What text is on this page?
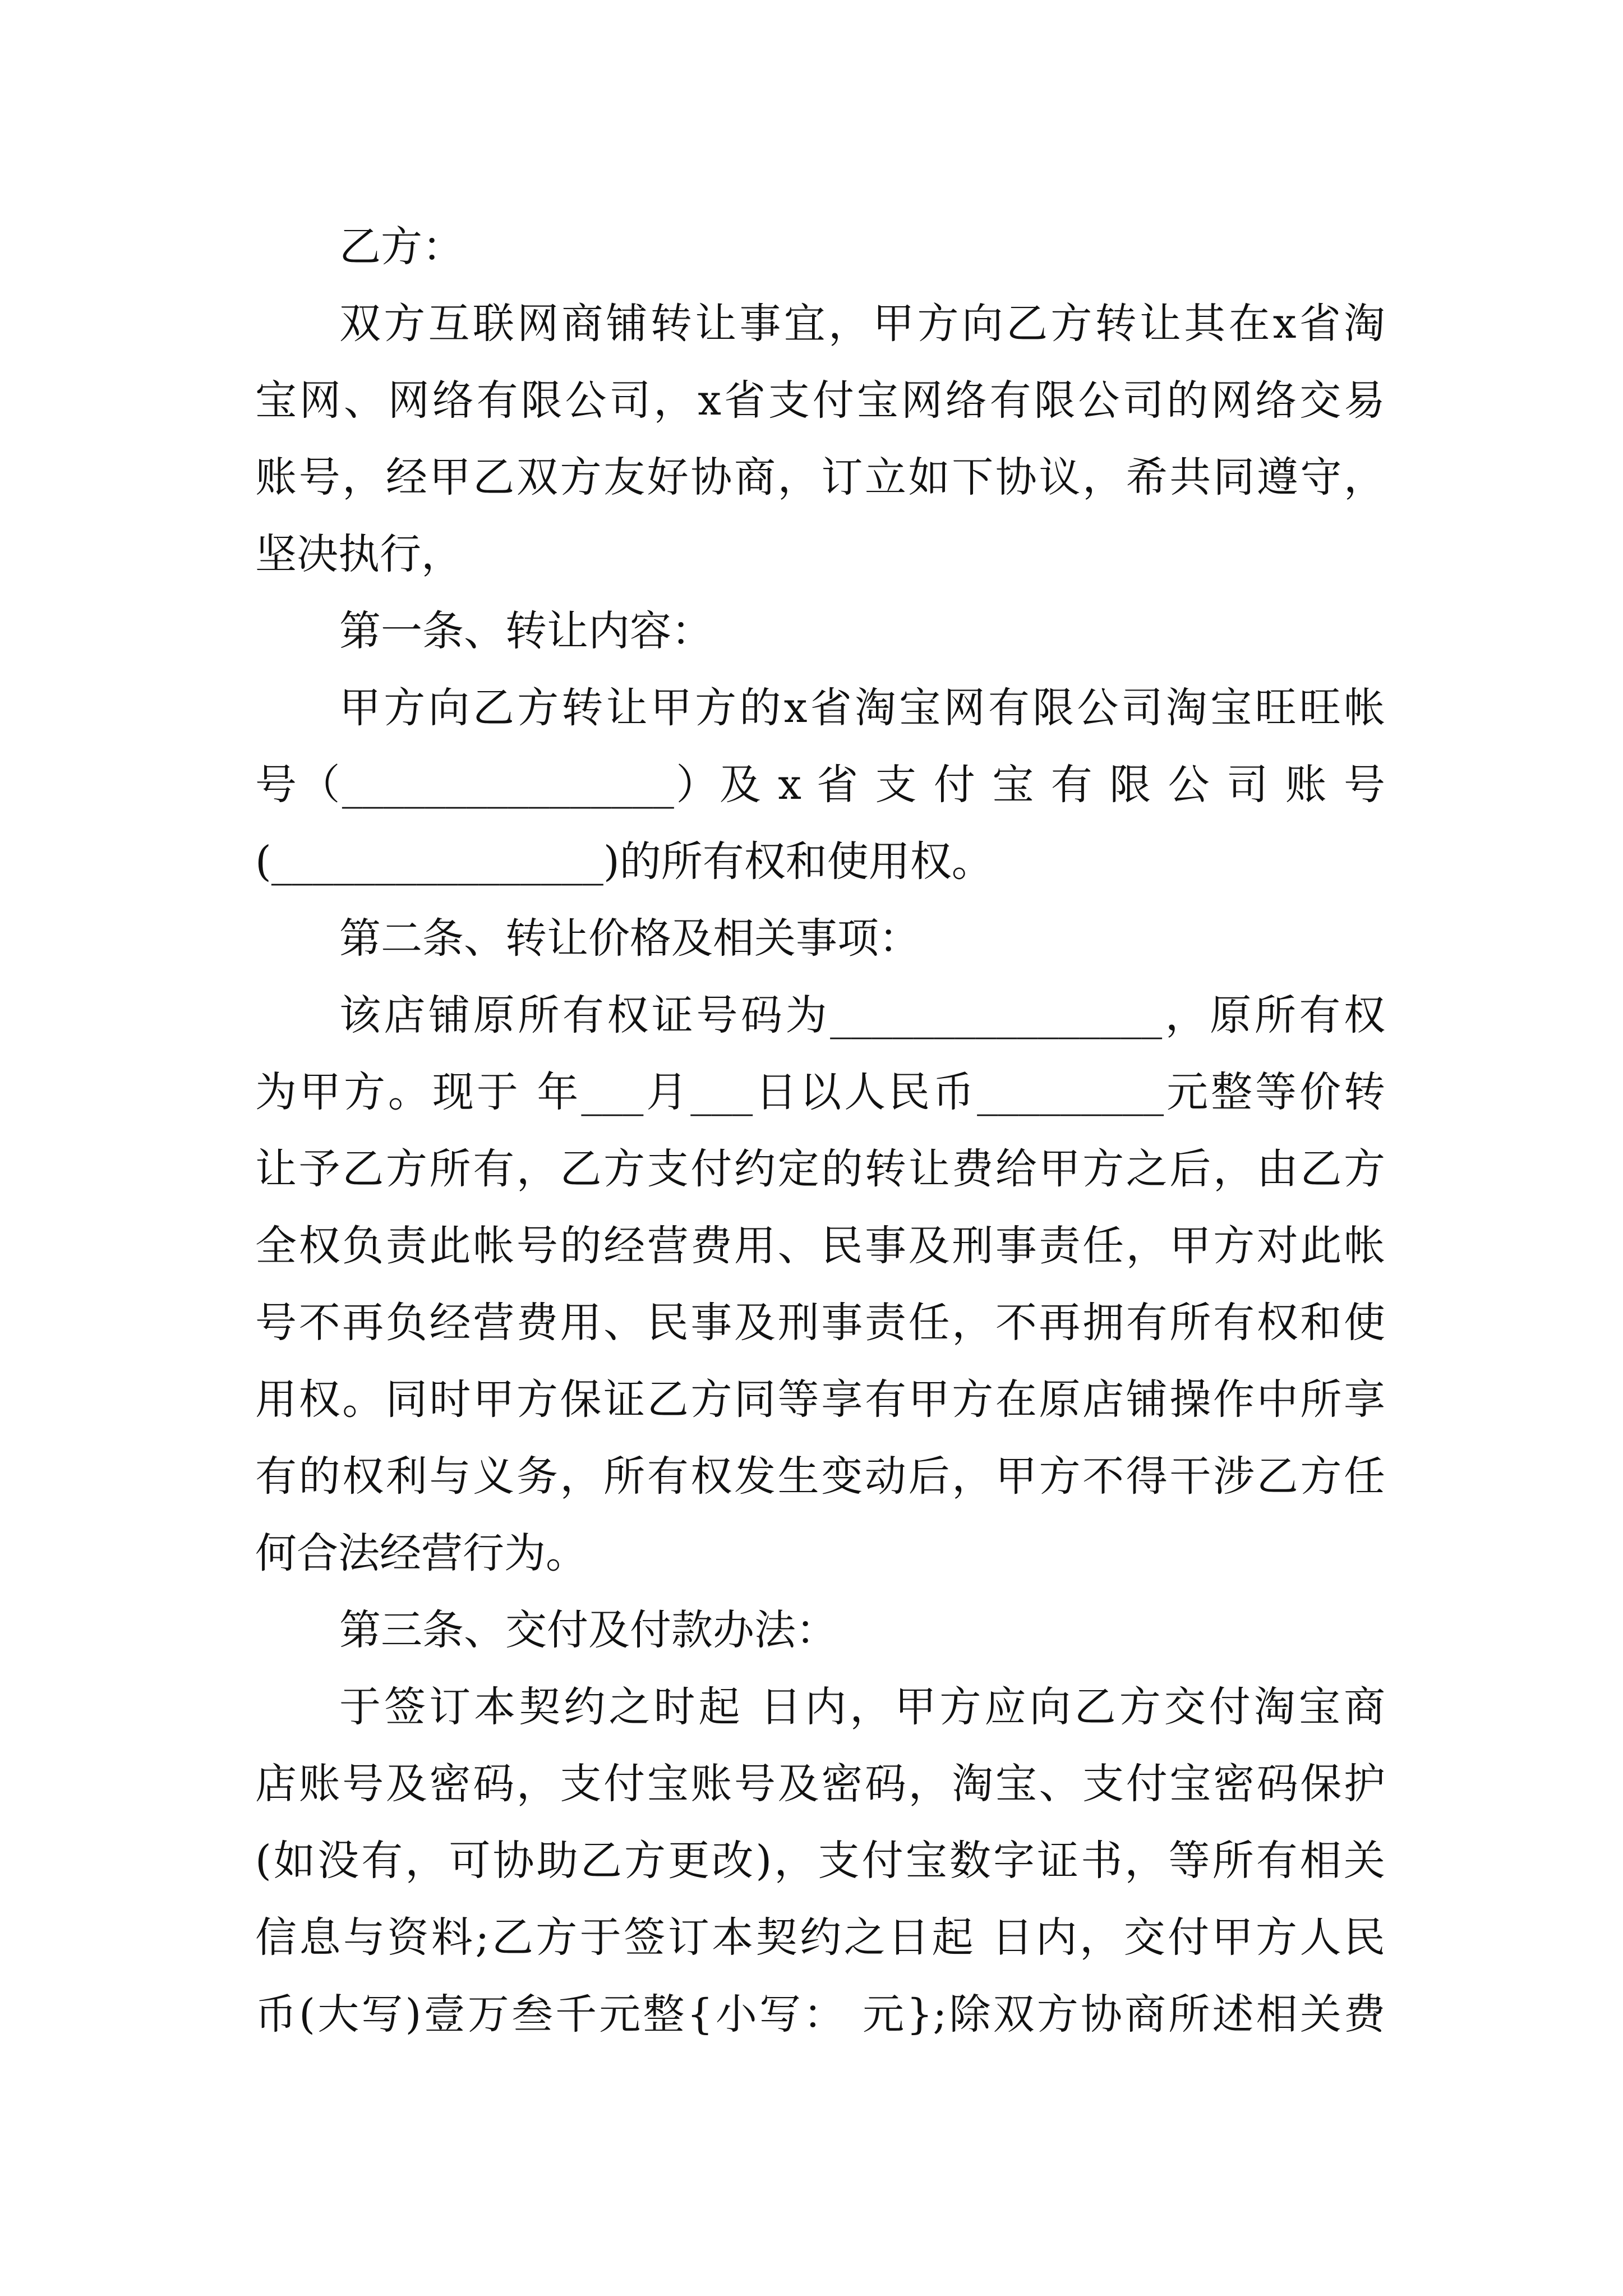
乙方：
双方互联网商铺转让事宜，甲方向乙方转让其在x省淘
宝网、网络有限公司，x省支付宝网络有限公司的网络交易
账号，经甲乙双方友好协商，订立如下协议，希共同遵守，
坚决执行，
第一条、转让内容：
甲方向乙方转让甲方的x省淘宝网有限公司淘宝旺旺帐
号（________________）及 x 省 支 付 宝 有 限 公 司 账 号
(________________)的所有权和使用权。
第二条、转让价格及相关事项：
该店铺原所有权证号码为________________，原所有权
为甲方。现于 年___月___日以人民币_________元整等价转
让予乙方所有，乙方支付约定的转让费给甲方之后，由乙方
全权负责此帐号的经营费用、民事及刑事责任，甲方对此帐
号不再负经营费用、民事及刑事责任，不再拥有所有权和使
用权。同时甲方保证乙方同等享有甲方在原店铺操作中所享
有的权利与义务，所有权发生变动后，甲方不得干涉乙方任
何合法经营行为。
第三条、交付及付款办法：
于签订本契约之时起 日内，甲方应向乙方交付淘宝商
店账号及密码，支付宝账号及密码，淘宝、支付宝密码保护
(如没有，可协助乙方更改)，支付宝数字证书，等所有相关
信息与资料;乙方于签订本契约之日起 日内，交付甲方人民
币(大写)壹万叁千元整{小写： 元};除双方协商所述相关费
